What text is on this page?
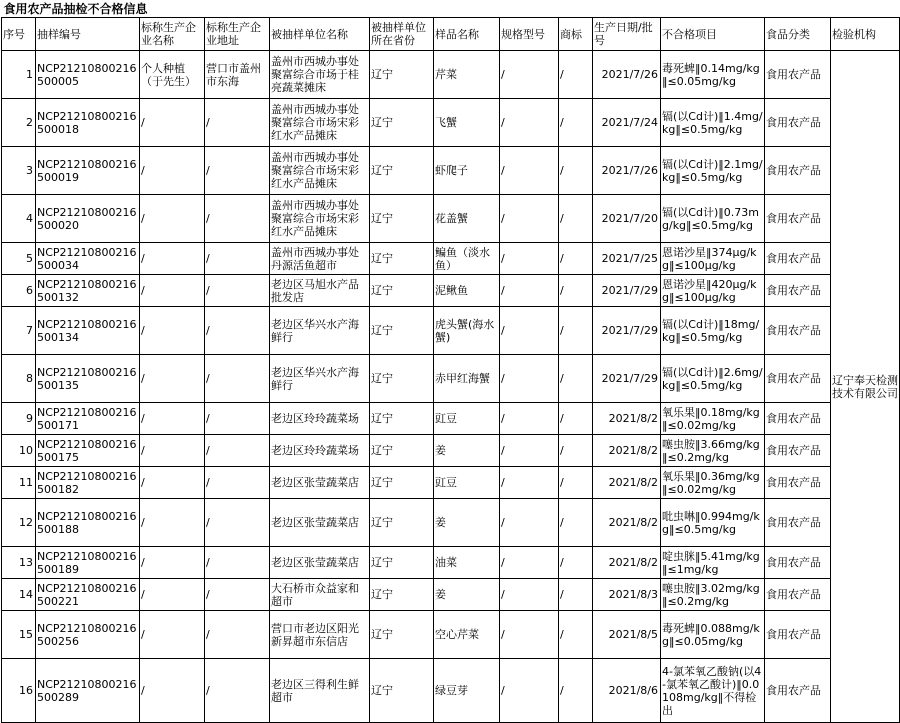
食用农产品抽检不合格信息												
序号	抽样编号	标称生产企业名称	标称生产企业地址	被抽样单位名称	被抽样单位所在省份	样品名称	规格型号	商标	生产日期/批号	不合格项目	食品分类	检验机构
1	NCP21210800216500005	个人种植（于先生）	营口市盖州市东海	盖州市西城办事处聚富综合市场于桂亮蔬菜摊床	辽宁	芹菜	/	/	2021/7/26	毒死蜱‖0.14mg/kg‖≤0.05mg/kg	食用农产品	辽宁奉天检测技术有限公司
2	NCP21210800216500018	/	/	盖州市西城办事处聚富综合市场宋彩红水产品摊床	辽宁	飞蟹	/	/	2021/7/24	镉(以Cd计)‖1.4mg/kg‖≤0.5mg/kg	食用农产品	
3	NCP21210800216500019	/	/	盖州市西城办事处聚富综合市场宋彩红水产品摊床	辽宁	虾爬子	/	/	2021/7/26	镉(以Cd计)‖2.1mg/kg‖≤0.5mg/kg	食用农产品	
4	NCP21210800216500020	/	/	盖州市西城办事处聚富综合市场宋彩红水产品摊床	辽宁	花盖蟹	/	/	2021/7/20	镉(以Cd计)‖0.73mg/kg‖≤0.5mg/kg	食用农产品	
5	NCP21210800216500034	/	/	盖州市西城办事处丹源活鱼超市	辽宁	鳊鱼（淡水鱼）	/	/	2021/7/25	恩诺沙星‖374μg/kg‖≤100μg/kg	食用农产品	
6	NCP21210800216500132	/	/	老边区马旭水产品批发店	辽宁	泥鳅鱼	/	/	2021/7/29	恩诺沙星‖420μg/kg‖≤100μg/kg	食用农产品	
7	NCP21210800216500134	/	/	老边区华兴水产海鲜行	辽宁	虎头蟹(海水蟹)	/	/	2021/7/29	镉(以Cd计)‖18mg/kg‖≤0.5mg/kg	食用农产品	
8	NCP21210800216500135	/	/	老边区华兴水产海鲜行	辽宁	赤甲红海蟹	/	/	2021/7/29	镉(以Cd计)‖2.6mg/kg‖≤0.5mg/kg	食用农产品	
9	NCP21210800216500171	/	/	老边区玲玲蔬菜场	辽宁	豇豆	/	/	2021/8/2	氧乐果‖0.18mg/kg‖≤0.02mg/kg	食用农产品	
10	NCP21210800216500175	/	/	老边区玲玲蔬菜场	辽宁	姜	/	/	2021/8/2	噻虫胺‖3.66mg/kg‖≤0.2mg/kg	食用农产品	
11	NCP21210800216500182	/	/	老边区张莹蔬菜店	辽宁	豇豆	/	/	2021/8/2	氧乐果‖0.36mg/kg‖≤0.02mg/kg	食用农产品	
12	NCP21210800216500188	/	/	老边区张莹蔬菜店	辽宁	姜	/	/	2021/8/2	吡虫啉‖0.994mg/kg‖≤0.5mg/kg	食用农产品	
13	NCP21210800216500189	/	/	老边区张莹蔬菜店	辽宁	油菜	/	/	2021/8/2	啶虫脒‖5.41mg/kg‖≤1mg/kg	食用农产品	
14	NCP21210800216500221	/	/	大石桥市众益家和超市	辽宁	姜	/	/	2021/8/3	噻虫胺‖3.02mg/kg‖≤0.2mg/kg	食用农产品	
15	NCP21210800216500256	/	/	营口市老边区阳光新昇超市东信店	辽宁	空心芹菜	/	/	2021/8/5	毒死蜱‖0.088mg/kg‖≤0.05mg/kg	食用农产品	
16	NCP21210800216500289	/	/	老边区三得利生鲜超市	辽宁	绿豆芽	/	/	2021/8/6	4-氯苯氧乙酸钠(以4-氯苯氧乙酸计)‖0.0108mg/kg‖不得检出	食用农产品	
